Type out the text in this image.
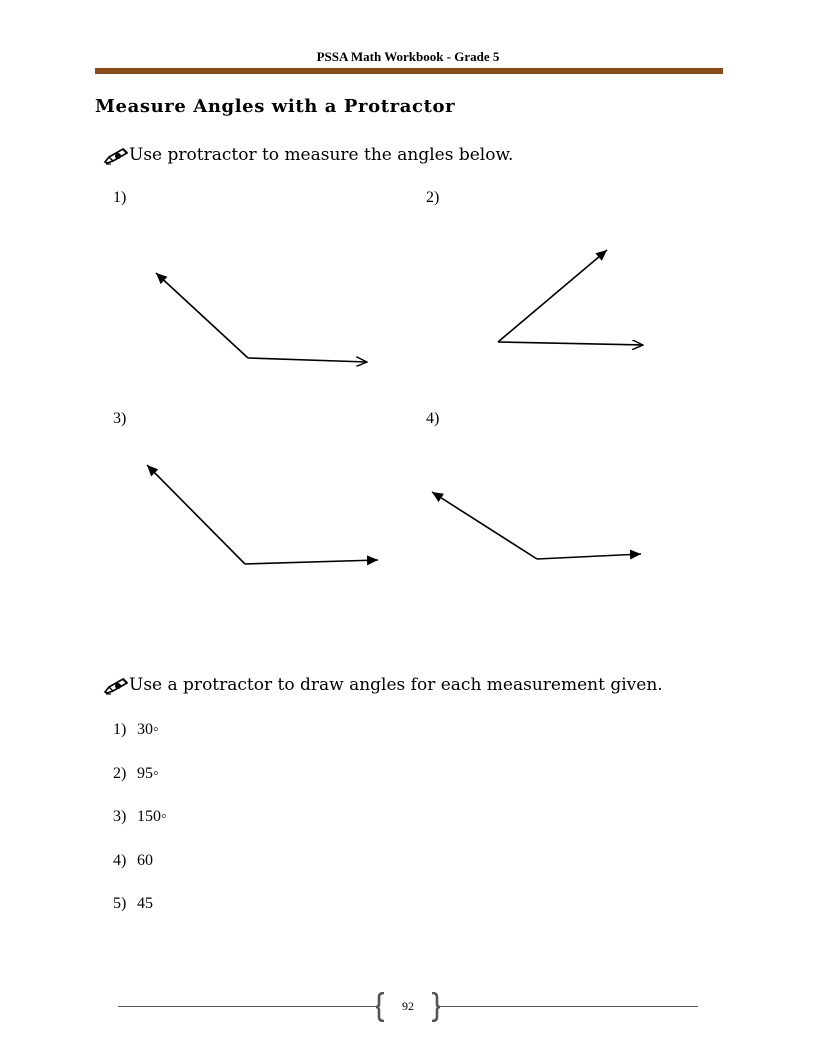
PSSA Math Workbook - Grade 5
Measure Angles with a Protractor
Use protractor to measure the angles below.
1)	2)
3)	4)
Use a protractor to draw angles for each measurement given.
1) 30◦
2) 95◦
3) 150◦
4) 60
5) 45
92
